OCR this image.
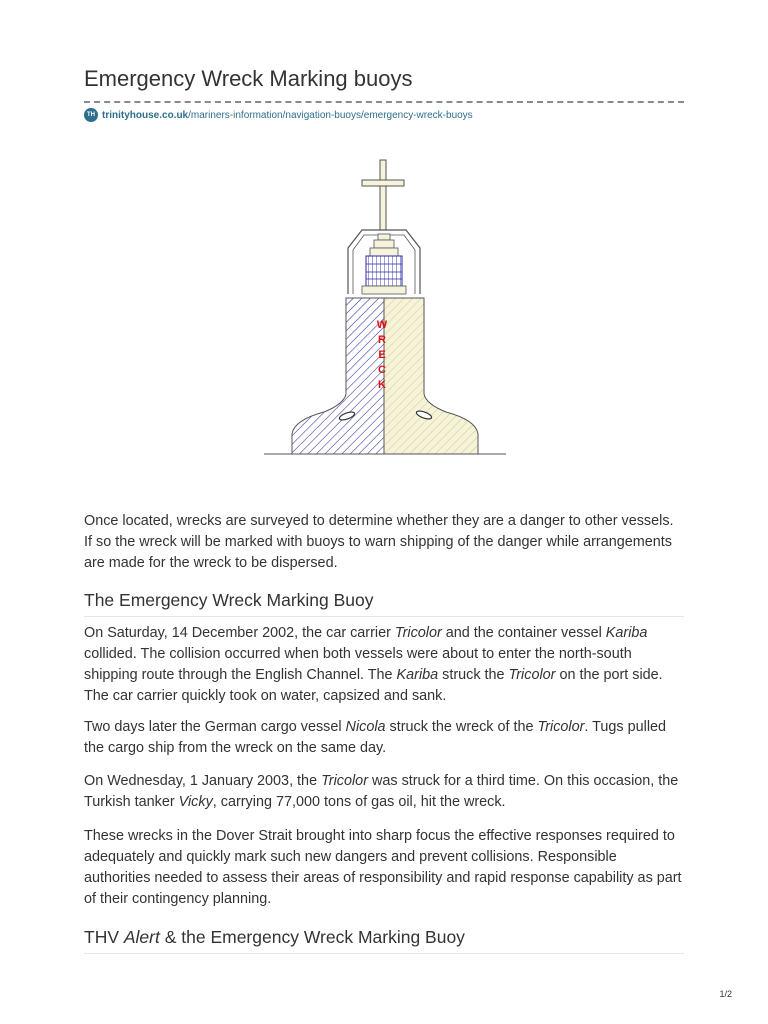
Emergency Wreck Marking buoys
TH trinityhouse.co.uk /mariners-information/navigation-buoys/emergency-wreck-buoys
W
R
E
C
K

Once located, wrecks are surveyed to determine whether they are a danger to other vessels. If so the wreck will be marked with buoys to warn shipping of the danger while arrangements are made for the wreck to be dispersed.

The Emergency Wreck Marking Buoy

On Saturday, 14 December 2002, the car carrier Tricolor and the container vessel Kariba collided. The collision occurred when both vessels were about to enter the north-south shipping route through the English Channel. The Kariba struck the Tricolor on the port side. The car carrier quickly took on water, capsized and sank.

Two days later the German cargo vessel Nicola struck the wreck of the Tricolor. Tugs pulled the cargo ship from the wreck on the same day.

On Wednesday, 1 January 2003, the Tricolor was struck for a third time. On this occasion, the Turkish tanker Vicky, carrying 77,000 tons of gas oil, hit the wreck.

These wrecks in the Dover Strait brought into sharp focus the effective responses required to adequately and quickly mark such new dangers and prevent collisions. Responsible authorities needed to assess their areas of responsibility and rapid response capability as part of their contingency planning.

THV Alert & the Emergency Wreck Marking Buoy
1/2
